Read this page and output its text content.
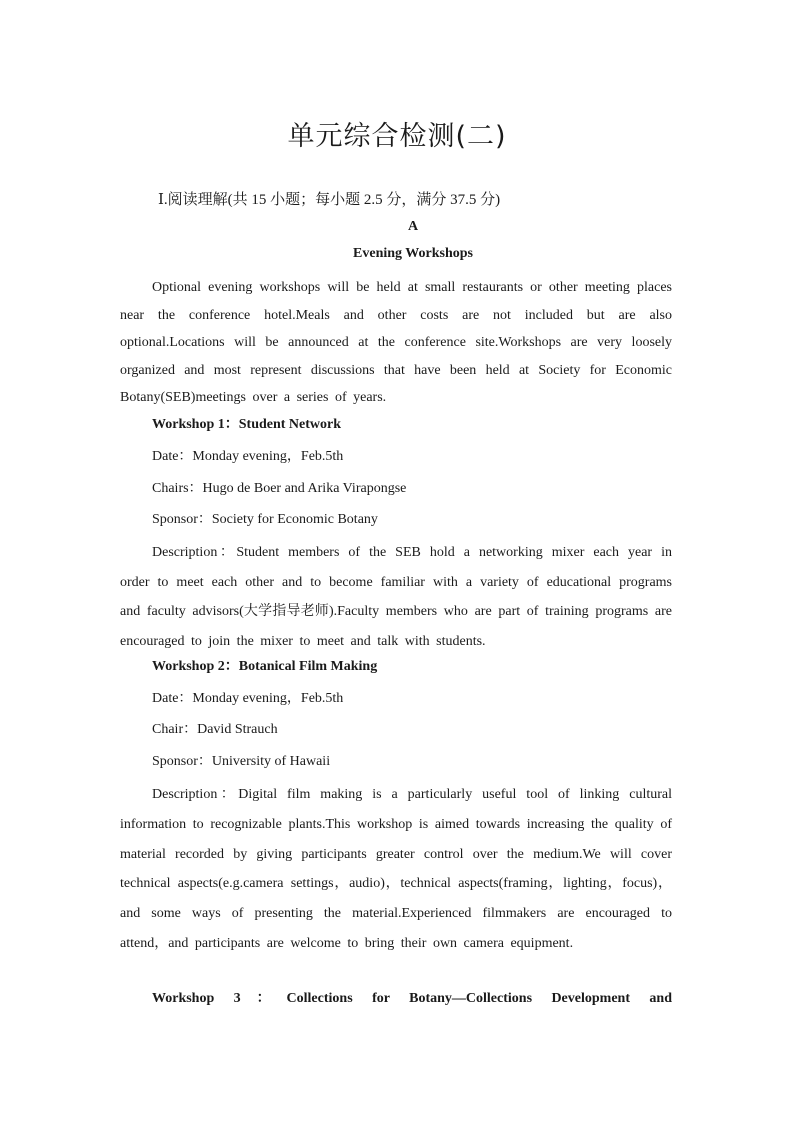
单元综合检测(二)
Ⅰ.阅读理解(共 15 小题；每小题 2.5 分，满分 37.5 分)
A
Evening Workshops

Optional evening workshops will be held at small restaurants or other meeting places near the conference hotel.Meals and other costs are not included but are also optional.Locations will be announced at the conference site.Workshops are very loosely organized and most represent discussions that have been held at Society for Economic Botany(SEB)meetings over a series of years.

Workshop 1：Student Network
Date：Monday evening，Feb.5th
Chairs：Hugo de Boer and Arika Virapongse
Sponsor：Society for Economic Botany

Description：Student members of the SEB hold a networking mixer each year in order to meet each other and to become familiar with a variety of educational programs and faculty advisors(大学指导老师).Faculty members who are part of training programs are encouraged to join the mixer to meet and talk with students.

Workshop 2：Botanical Film Making
Date：Monday evening，Feb.5th
Chair：David Strauch
Sponsor：University of Hawaii

Description：Digital film making is a particularly useful tool of linking cultural information to recognizable plants.This workshop is aimed towards increasing the quality of material recorded by giving participants greater control over the medium.We will cover technical aspects(e.g.camera settings，audio)，technical aspects(framing，lighting，focus)，and some ways of presenting the material.Experienced filmmakers are encouraged to attend，and participants are welcome to bring their own camera equipment.

Workshop 3：Collections for Botany—Collections Development and
